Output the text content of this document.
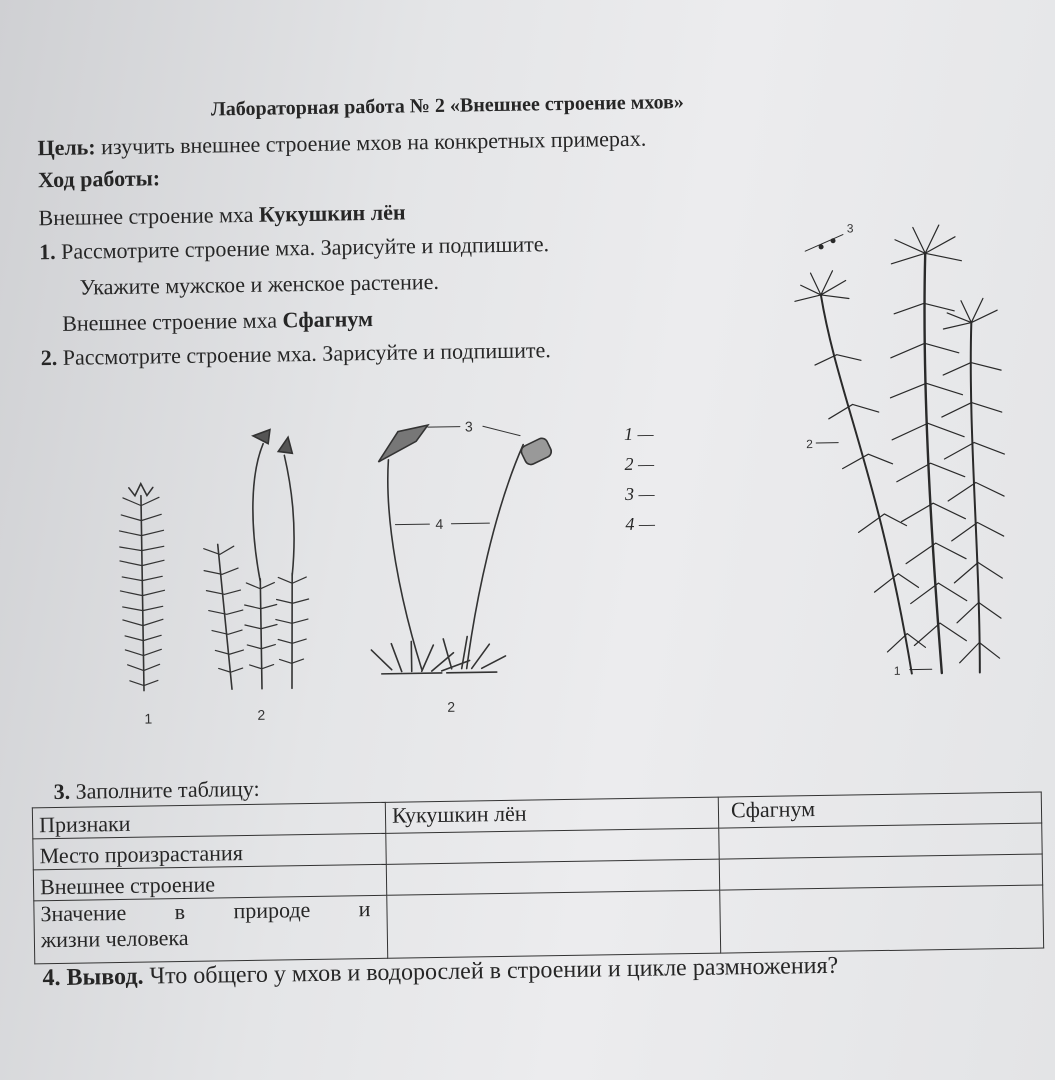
Лабораторная работа № 2 «Внешнее строение мхов»
Цель: изучить внешнее строение мхов на конкретных примерах.
Ход работы:
Внешнее строение мха Кукушкин лён
1. Рассмотрите строение мха. Зарисуйте и подпишите.
Укажите мужское и женское растение.
Внешнее строение мха Сфагнум
2. Рассмотрите строение мха. Зарисуйте и подпишите.
3
4
1	2	2
1 —
2 —
3 —
4 —
3
2
1
3. Заполните таблицу:
Признаки	Кукушкин лён	Сфагнум
Место произрастания		
Внешнее строение		

Значение в природе и
жизни человека		

4. Вывод. Что общего у мхов и водорослей в строении и цикле размножения?
